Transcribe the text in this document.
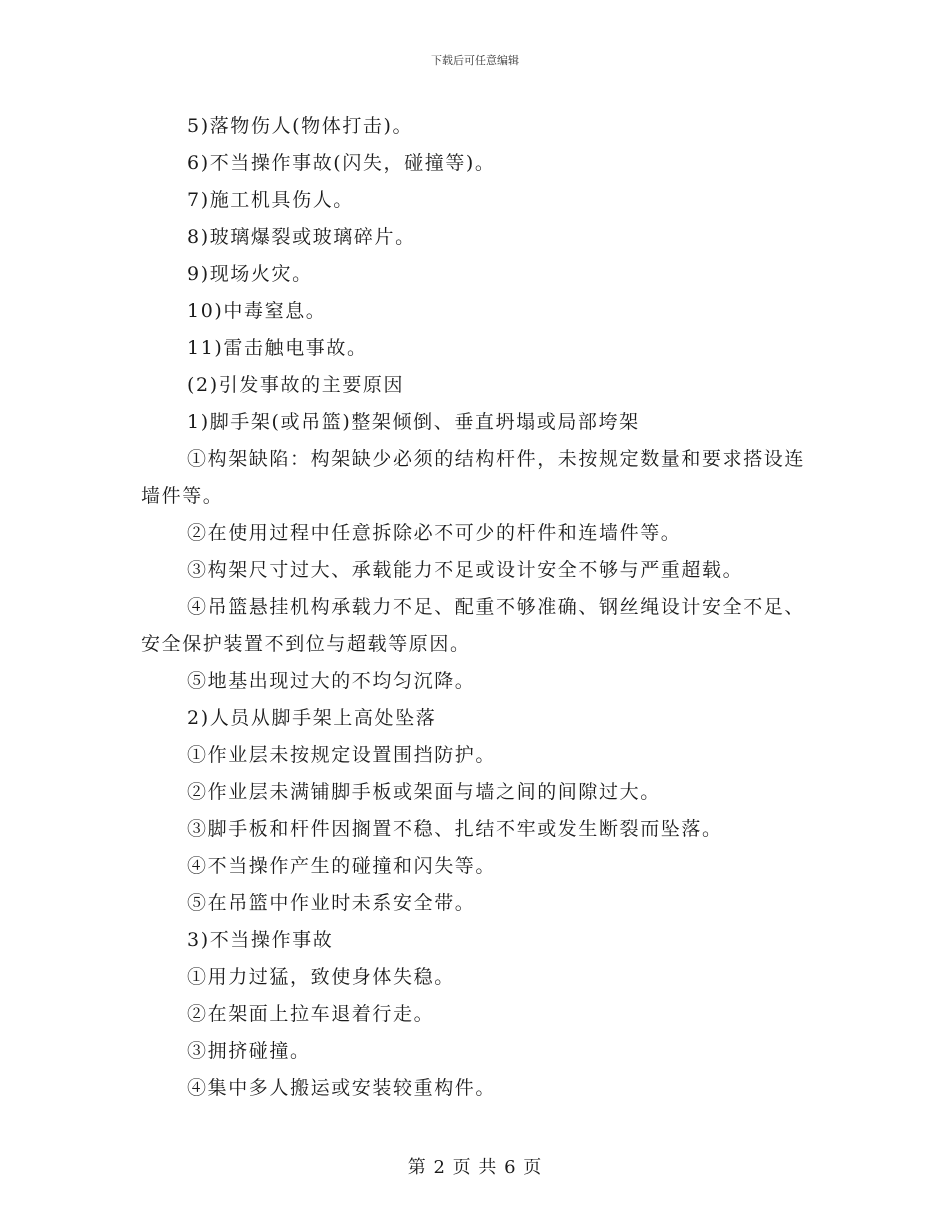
下载后可任意编辑

5)落物伤人(物体打击)。

6)不当操作事故(闪失，碰撞等)。

7)施工机具伤人。

8)玻璃爆裂或玻璃碎片。

9)现场火灾。

10)中毒窒息。

11)雷击触电事故。

(2)引发事故的主要原因

1)脚手架(或吊篮)整架倾倒、垂直坍塌或局部垮架

①构架缺陷：构架缺少必须的结构杆件，未按规定数量和要求搭设连墙件等。

②在使用过程中任意拆除必不可少的杆件和连墙件等。

③构架尺寸过大、承载能力不足或设计安全不够与严重超载。

④吊篮悬挂机构承载力不足、配重不够准确、钢丝绳设计安全不足、安全保护装置不到位与超载等原因。

⑤地基出现过大的不均匀沉降。

2)人员从脚手架上高处坠落

①作业层未按规定设置围挡防护。

②作业层未满铺脚手板或架面与墙之间的间隙过大。

③脚手板和杆件因搁置不稳、扎结不牢或发生断裂而坠落。

④不当操作产生的碰撞和闪失等。

⑤在吊篮中作业时未系安全带。

3)不当操作事故

①用力过猛，致使身体失稳。

②在架面上拉车退着行走。

③拥挤碰撞。

④集中多人搬运或安装较重构件。

第 2 页 共 6 页
